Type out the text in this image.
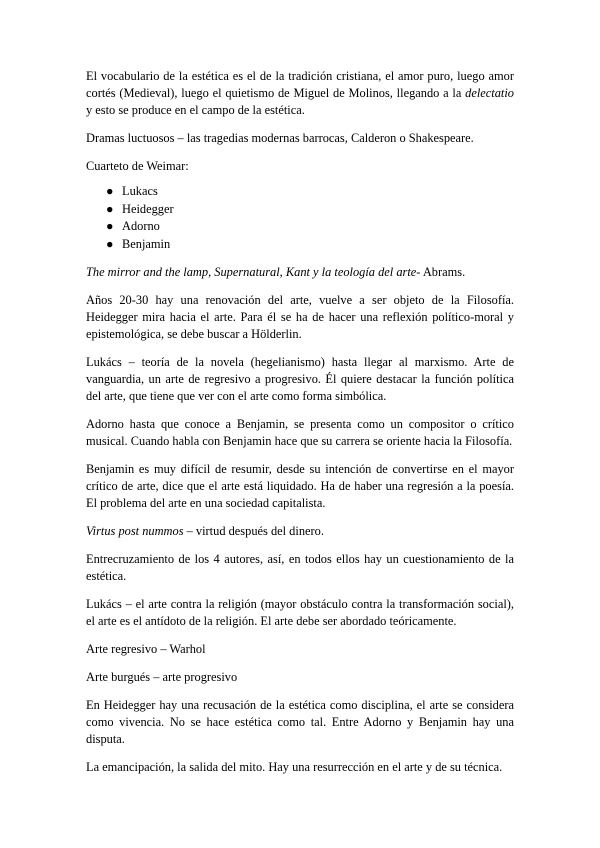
El vocabulario de la estética es el de la tradición cristiana, el amor puro, luego amor cortés (Medieval), luego el quietismo de Miguel de Molinos, llegando a la delectatio y esto se produce en el campo de la estética.

Dramas luctuosos – las tragedias modernas barrocas, Calderon o Shakespeare.

Cuarteto de Weimar:

● Lukacs
● Heidegger
● Adorno
● Benjamin

The mirror and the lamp, Supernatural, Kant y la teología del arte- Abrams.

Años 20-30 hay una renovación del arte, vuelve a ser objeto de la Filosofía. Heidegger mira hacia el arte. Para él se ha de hacer una reflexión político-moral y epistemológica, se debe buscar a Hölderlin.

Lukács – teoría de la novela (hegelianismo) hasta llegar al marxismo. Arte de vanguardia, un arte de regresivo a progresivo. Él quiere destacar la función política del arte, que tiene que ver con el arte como forma simbólica.

Adorno hasta que conoce a Benjamin, se presenta como un compositor o crítico musical. Cuando habla con Benjamin hace que su carrera se oriente hacia la Filosofía.

Benjamin es muy difícil de resumir, desde su intención de convertirse en el mayor crítico de arte, dice que el arte está liquidado. Ha de haber una regresión a la poesía. El problema del arte en una sociedad capitalista.

Virtus post nummos – virtud después del dinero.

Entrecruzamiento de los 4 autores, así, en todos ellos hay un cuestionamiento de la estética.

Lukács – el arte contra la religión (mayor obstáculo contra la transformación social), el arte es el antídoto de la religión. El arte debe ser abordado teóricamente.

Arte regresivo – Warhol

Arte burgués – arte progresivo

En Heidegger hay una recusación de la estética como disciplina, el arte se considera como vivencia. No se hace estética como tal. Entre Adorno y Benjamin hay una disputa.

La emancipación, la salida del mito. Hay una resurrección en el arte y de su técnica.
